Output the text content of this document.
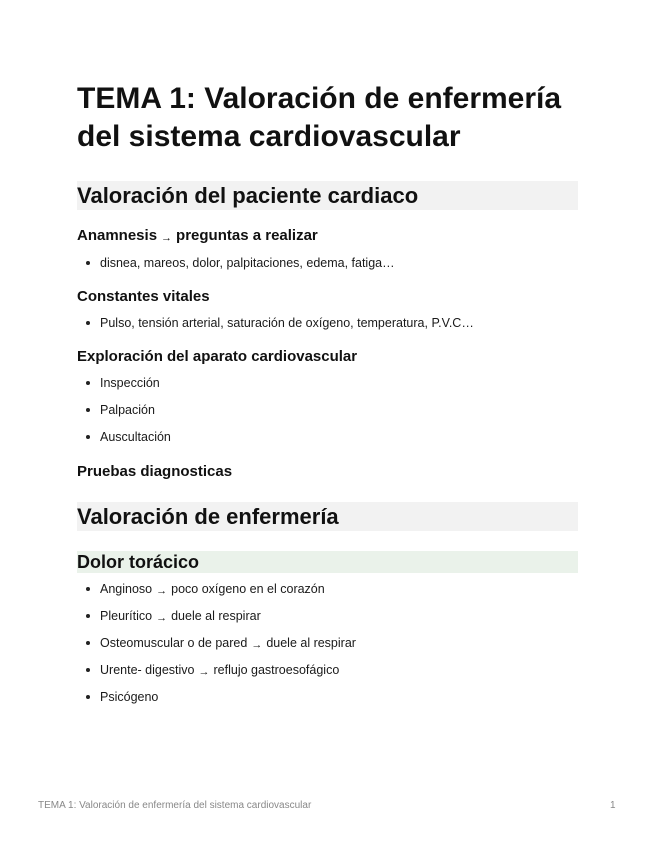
TEMA 1: Valoración de enfermería del sistema cardiovascular
Valoración del paciente cardiaco
Anamnesis → preguntas a realizar
disnea, mareos, dolor, palpitaciones, edema, fatiga…
Constantes vitales
Pulso, tensión arterial, saturación de oxígeno, temperatura, P.V.C…
Exploración del aparato cardiovascular
Inspección
Palpación
Auscultación
Pruebas diagnosticas
Valoración de enfermería
Dolor torácico
Anginoso → poco oxígeno en el corazón
Pleurítico → duele al respirar
Osteomuscular o de pared → duele al respirar
Urente- digestivo → reflujo gastroesofágico
Psicógeno
TEMA 1: Valoración de enfermería del sistema cardiovascular	1
